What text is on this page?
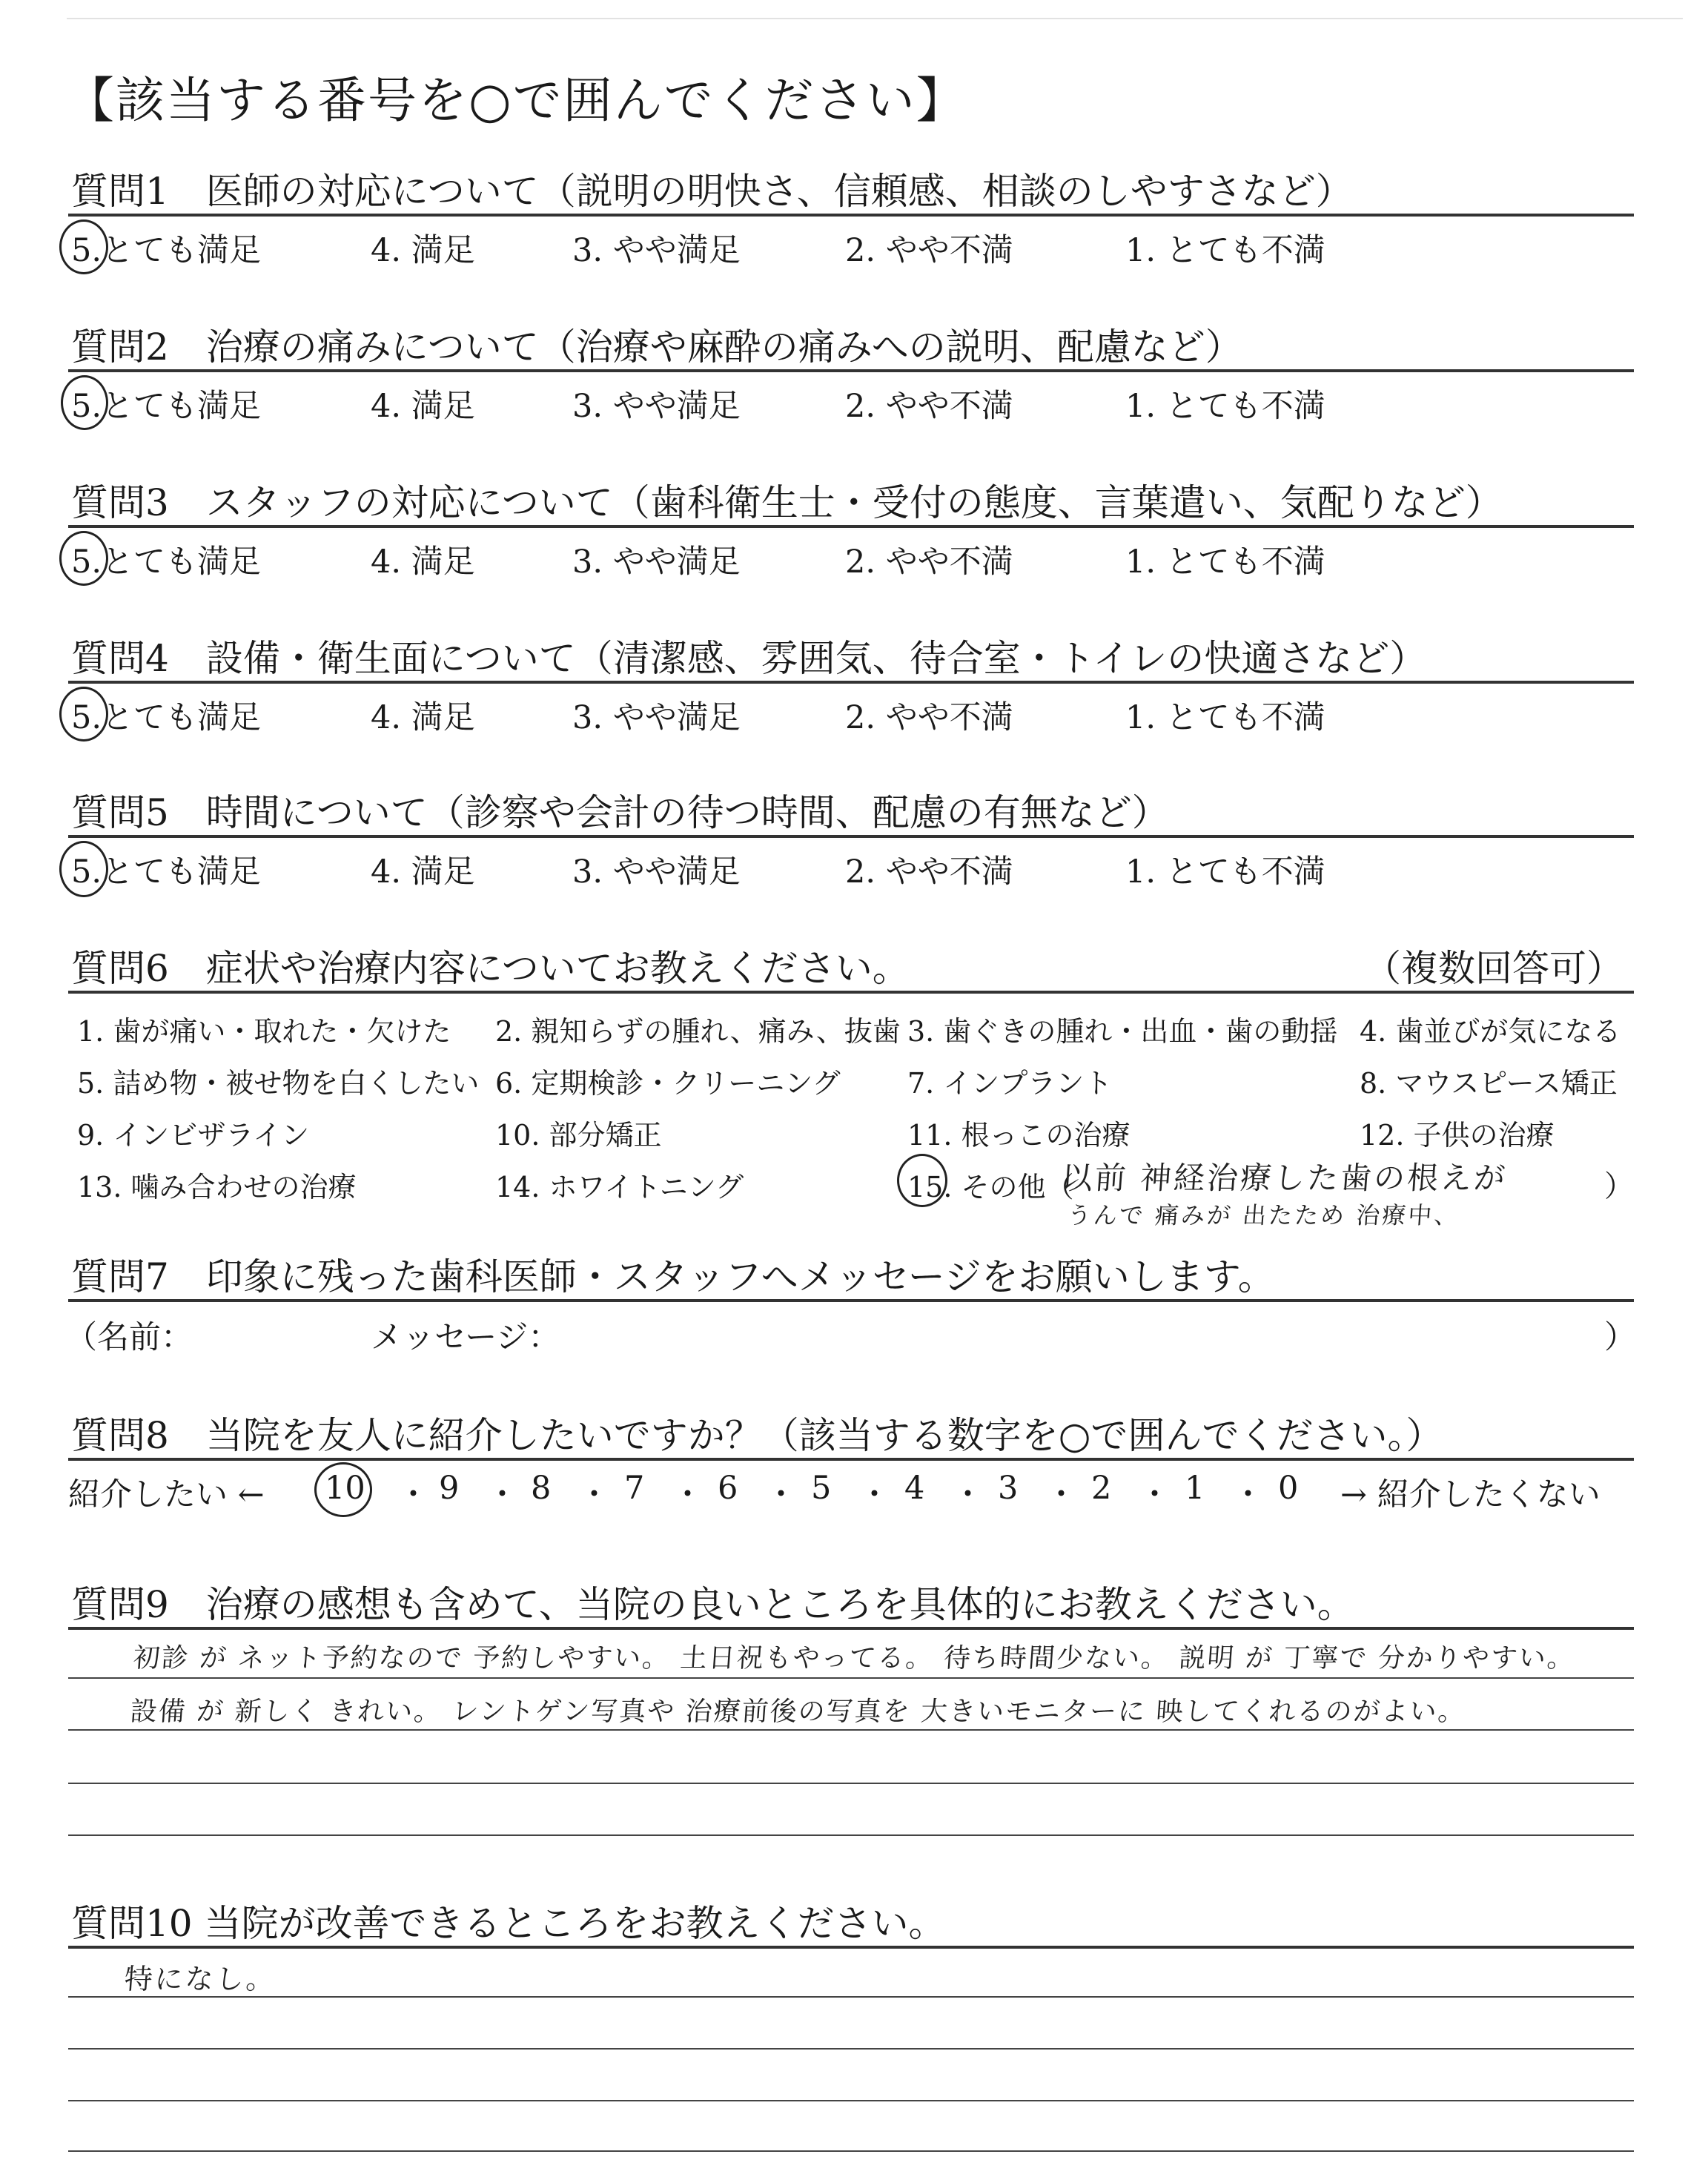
【該当する番号を○で囲んでください】
質問1　医師の対応について（説明の明快さ、信頼感、相談のしやすさなど）
5.とても満足	4. 満足	3. やや満足	2. やや不満	1. とても不満
質問2　治療の痛みについて（治療や麻酔の痛みへの説明、配慮など）
5.とても満足	4. 満足	3. やや満足	2. やや不満	1. とても不満
質問3　スタッフの対応について（歯科衛生士・受付の態度、言葉遣い、気配りなど）
5.とても満足	4. 満足	3. やや満足	2. やや不満	1. とても不満
質問4　設備・衛生面について（清潔感、雰囲気、待合室・トイレの快適さなど）
5.とても満足	4. 満足	3. やや満足	2. やや不満	1. とても不満
質問5　時間について（診察や会計の待つ時間、配慮の有無など）
5.とても満足	4. 満足	3. やや満足	2. やや不満	1. とても不満
質問6　症状や治療内容についてお教えください。	（複数回答可）
1. 歯が痛い・取れた・欠けた 2. 親知らずの腫れ、痛み、抜歯 3. 歯ぐきの腫れ・出血・歯の動揺 4. 歯並びが気になる
5. 詰め物・被せ物を白くしたい 6. 定期検診・クリーニング 7. インプラント	8. マウスピース矯正
9. インビザライン	10. 部分矯正	11. 根っこの治療	12. 子供の治療
13. 噛み合わせの治療	14. ホワイトニング	15. その他（
以前 神経治療した歯の根えが
うんで 痛みが 出たため 治療中、
）
質問7　印象に残った歯科医師・スタッフへメッセージをお願いします。
（名前：	メッセージ：	）
質問8　当院を友人に紹介したいですか？（該当する数字を○で囲んでください。）
紹介したい ← 10 ・ 9 ・ 8 ・ 7 ・ 6 ・ 5 ・ 4 ・ 3 ・ 2 ・ 1 ・ 0 → 紹介したくない
質問9　治療の感想も含めて、当院の良いところを具体的にお教えください。
初診 が ネット予約なので 予約しやすい。 土日祝もやってる。 待ち時間少ない。 説明 が 丁寧で 分かりやすい。
設備 が 新しく きれい。 レントゲン写真や 治療前後の写真を 大きいモニターに 映してくれるのがよい。
質問10 当院が改善できるところをお教えください。
特になし。
